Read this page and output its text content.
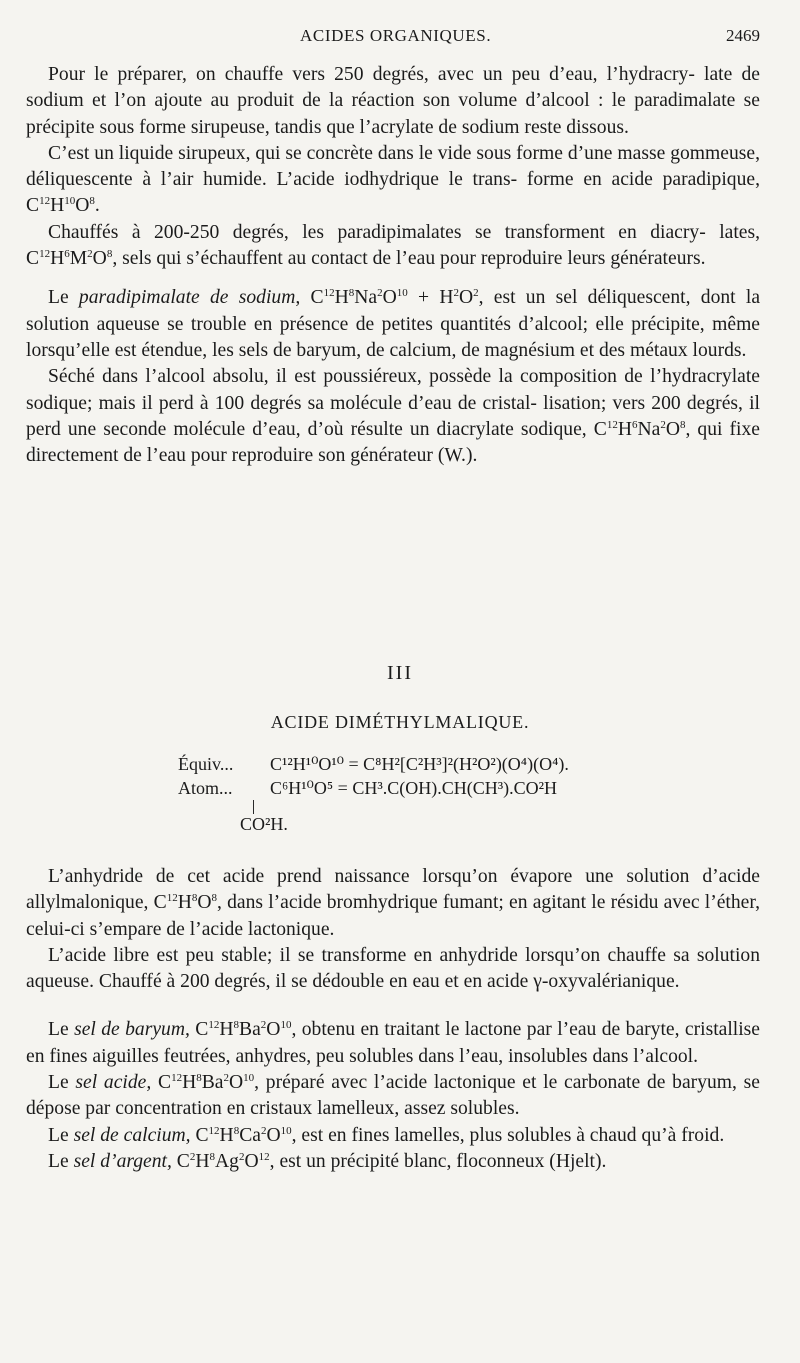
ACIDES ORGANIQUES.	2469

Pour le préparer, on chauffe vers 250 degrés, avec un peu d’eau, l’hydracry- late de sodium et l’on ajoute au produit de la réaction son volume d’alcool : le paradimalate se précipite sous forme sirupeuse, tandis que l’acrylate de sodium reste dissous.

C’est un liquide sirupeux, qui se concrète dans le vide sous forme d’une masse gommeuse, déliquescente à l’air humide. L’acide iodhydrique le trans- forme en acide paradipique, $C^{12}H^{10}O^8$.

Chauffés à 200-250 degrés, les paradipimalates se transforment en diacry- lates, $C^{12}H^6M^2O^8$, sels qui s’échauffent au contact de l’eau pour reproduire leurs générateurs.

Le paradipimalate de sodium, $C^{12}H^8Na^2O^{10} + H^2O^2$, est un sel déliquescent, dont la solution aqueuse se trouble en présence de petites quantités d’alcool; elle précipite, même lorsqu’elle est étendue, les sels de baryum, de calcium, de magnésium et des métaux lourds.

Séché dans l’alcool absolu, il est poussiéreux, possède la composition de l’hydracrylate sodique; mais il perd à 100 degrés sa molécule d’eau de cristal- lisation; vers 200 degrés, il perd une seconde molécule d’eau, d’où résulte un diacrylate sodique, $C^{12}H^6Na^2O^8$, qui fixe directement de l’eau pour reproduire son générateur (W.).

III
ACIDE DIMÉTHYLMALIQUE.
Équiv... C¹²H¹⁰O¹⁰ = C⁸H²[C²H³]²(H²O²)(O⁴)(O⁴).
Atom... C⁶H¹⁰O⁵ = CH³.C(OH).CH(CH³).CO²H
CO²H.

L’anhydride de cet acide prend naissance lorsqu’on évapore une solution d’acide allylmalonique, $C^{12}H^8O^8$, dans l’acide bromhydrique fumant; en agitant le résidu avec l’éther, celui-ci s’empare de l’acide lactonique.

L’acide libre est peu stable; il se transforme en anhydride lorsqu’on chauffe sa solution aqueuse. Chauffé à 200 degrés, il se dédouble en eau et en acide γ-oxyvalérianique.

Le sel de baryum, $C^{12}H^8Ba^2O^{10}$, obtenu en traitant le lactone par l’eau de baryte, cristallise en fines aiguilles feutrées, anhydres, peu solubles dans l’eau, insolubles dans l’alcool.

Le sel acide, $C^{12}H^8Ba^2O^{10}$, préparé avec l’acide lactonique et le carbonate de baryum, se dépose par concentration en cristaux lamelleux, assez solubles.

Le sel de calcium, $C^{12}H^8Ca^2O^{10}$, est en fines lamelles, plus solubles à chaud qu’à froid.

Le sel d’argent, $C^2H^8Ag^2O^{12}$, est un précipité blanc, floconneux (Hjelt).
